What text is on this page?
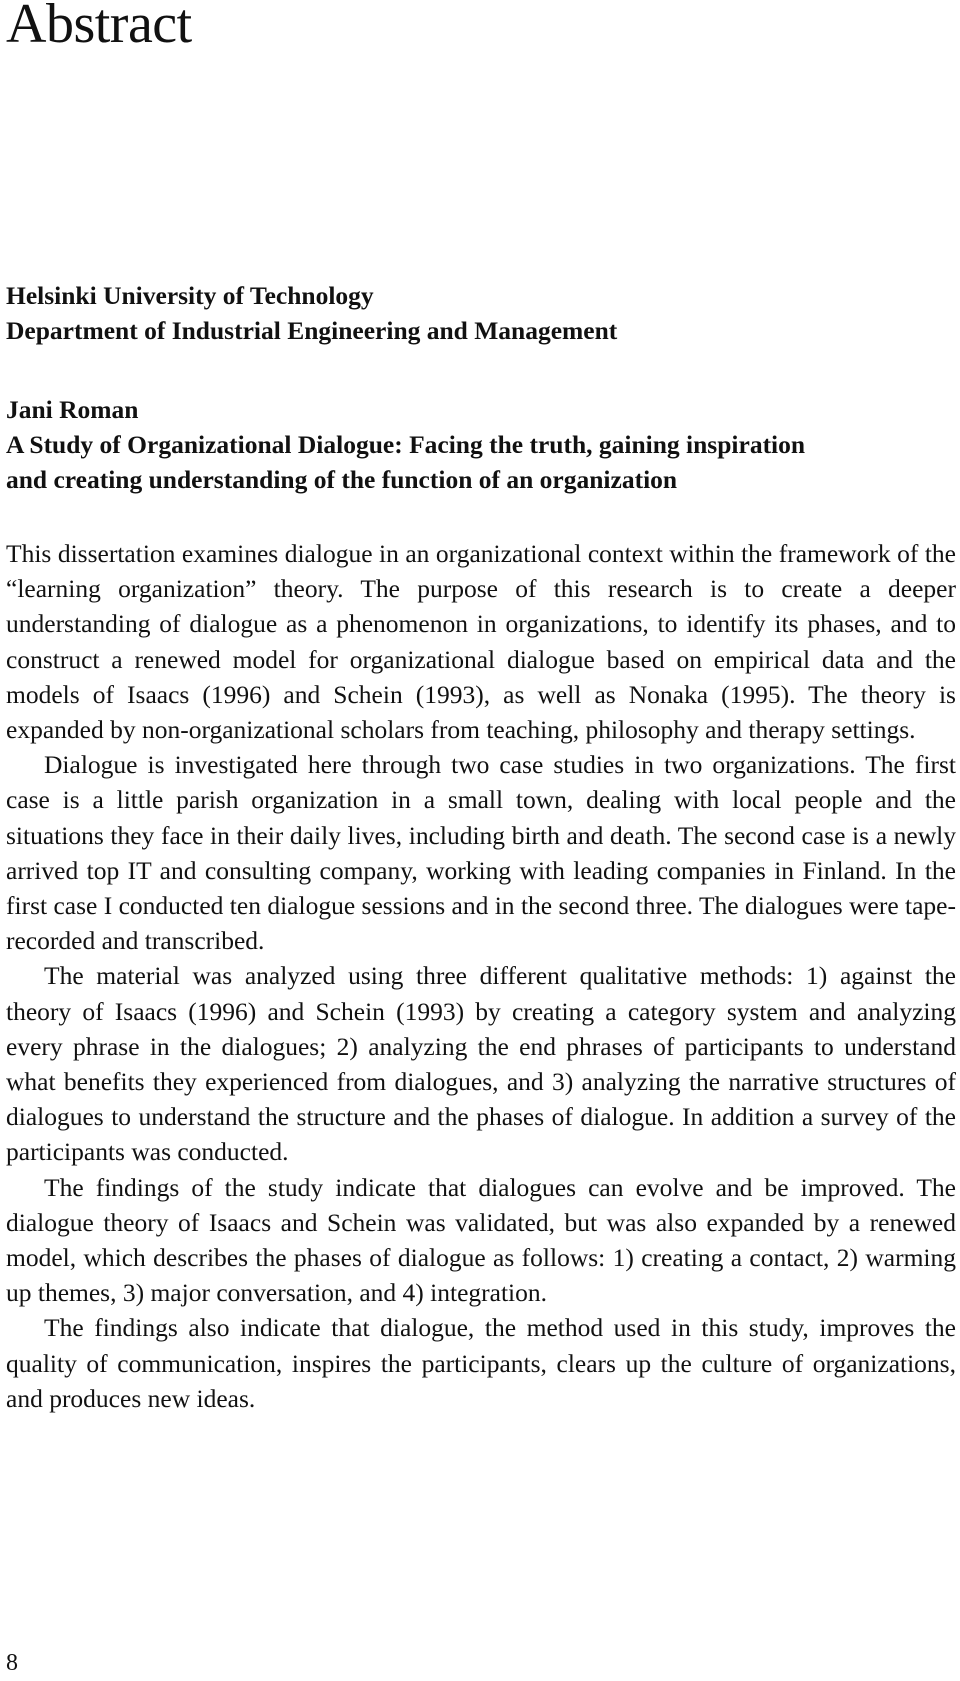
Abstract
Helsinki University of Technology
Department of Industrial Engineering and Management
Jani Roman
A Study of Organizational Dialogue: Facing the truth, gaining inspiration
and creating understanding of the function of an organization

This dissertation examines dialogue in an organizational context within the framework of the “learning organization” theory. The purpose of this research is to create a deeper understanding of dialogue as a phenomenon in organizations, to identify its phases, and to construct a renewed model for organizational dialogue based on empirical data and the models of Isaacs (1996) and Schein (1993), as well as Nonaka (1995). The theory is expanded by non-organizational scholars from teaching, philosophy and therapy settings.

Dialogue is investigated here through two case studies in two organizations. The first case is a little parish organization in a small town, dealing with local people and the situations they face in their daily lives, including birth and death. The second case is a newly arrived top IT and consulting company, working with leading companies in Finland. In the first case I conducted ten dialogue sessions and in the second three. The dialogues were tape-recorded and transcribed.

The material was analyzed using three different qualitative methods: 1) against the theory of Isaacs (1996) and Schein (1993) by creating a category system and analyzing every phrase in the dialogues; 2) analyzing the end phrases of participants to understand what benefits they experienced from dialogues, and 3) analyzing the narrative structures of dialogues to understand the structure and the phases of dialogue. In addition a survey of the participants was conducted.

The findings of the study indicate that dialogues can evolve and be improved. The dialogue theory of Isaacs and Schein was validated, but was also expanded by a renewed model, which describes the phases of dialogue as follows: 1) creating a contact, 2) warming up themes, 3) major conversation, and 4) integration.

The findings also indicate that dialogue, the method used in this study, improves the quality of communication, inspires the participants, clears up the culture of organizations, and produces new ideas.

8
